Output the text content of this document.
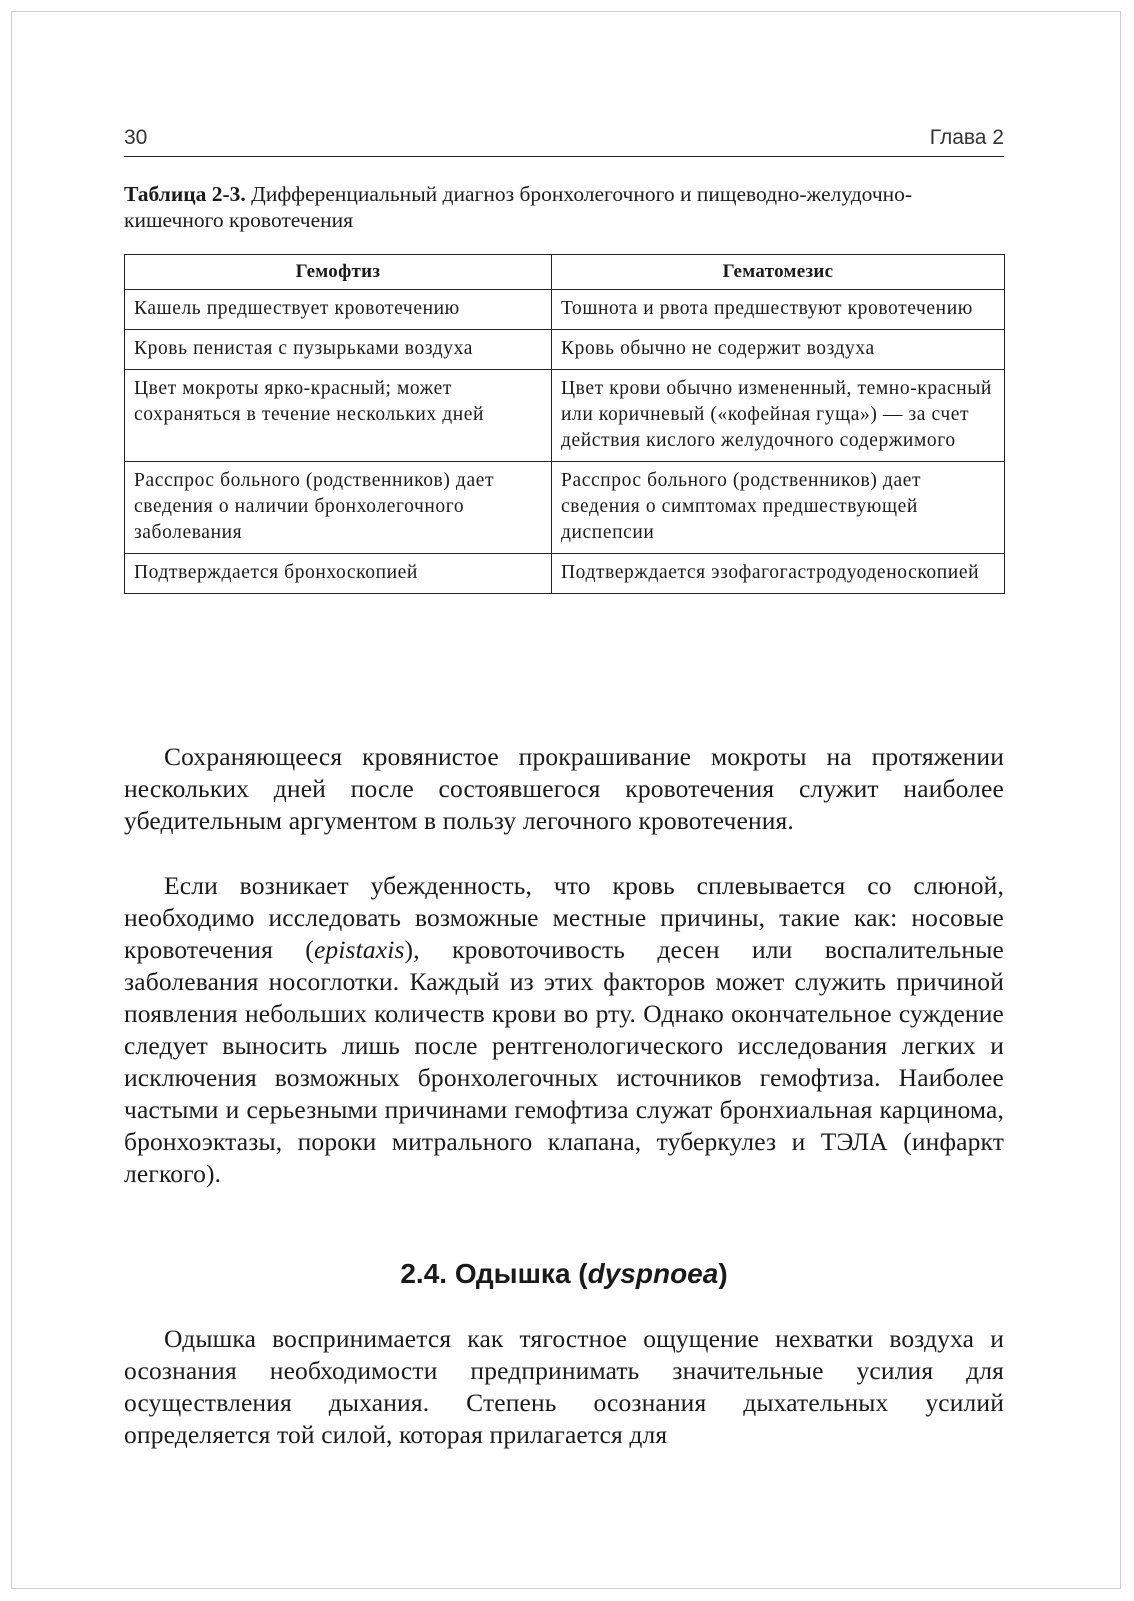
30	Глава 2
Таблица 2-3. Дифференциальный диагноз бронхолегочного и пищеводно-желудочно-кишечного кровотечения
Гемофтиз	Гематомезис
Кашель предшествует кровотечению	Тошнота и рвота предшествуют кровотечению
Кровь пенистая с пузырьками воздуха	Кровь обычно не содержит воздуха
Цвет мокроты ярко-красный; может сохраняться в течение нескольких дней	Цвет крови обычно измененный, темно-красный или коричневый («кофейная гуща») — за счет действия кислого желудочного содержимого
Расспрос больного (родственников) дает сведения о наличии бронхолегочного заболевания	Расспрос больного (родственников) дает сведения о симптомах предшествующей диспепсии
Подтверждается бронхоскопией	Подтверждается эзофагогастродуоденоскопией

Сохраняющееся кровянистое прокрашивание мокроты на протяжении нескольких дней после состоявшегося кровотечения служит наиболее убедительным аргументом в пользу легочного кровотечения.

Если возникает убежденность, что кровь сплевывается со слюной, необходимо исследовать возможные местные причины, такие как: носовые кровотечения (epistaxis), кровоточивость десен или воспалительные заболевания носоглотки. Каждый из этих факторов может служить причиной появления небольших количеств крови во рту. Однако окончательное суждение следует выносить лишь после рентгенологического исследования легких и исключения возможных бронхолегочных источников гемофтиза. Наиболее частыми и серьезными причинами гемофтиза служат бронхиальная карцинома, бронхоэктазы, пороки митрального клапана, туберкулез и ТЭЛА (инфаркт легкого).

2.4. Одышка (dyspnoea)

Одышка воспринимается как тягостное ощущение нехватки воздуха и осознания необходимости предпринимать значительные усилия для осуществления дыхания. Степень осознания дыхательных усилий определяется той силой, которая прилагается для
